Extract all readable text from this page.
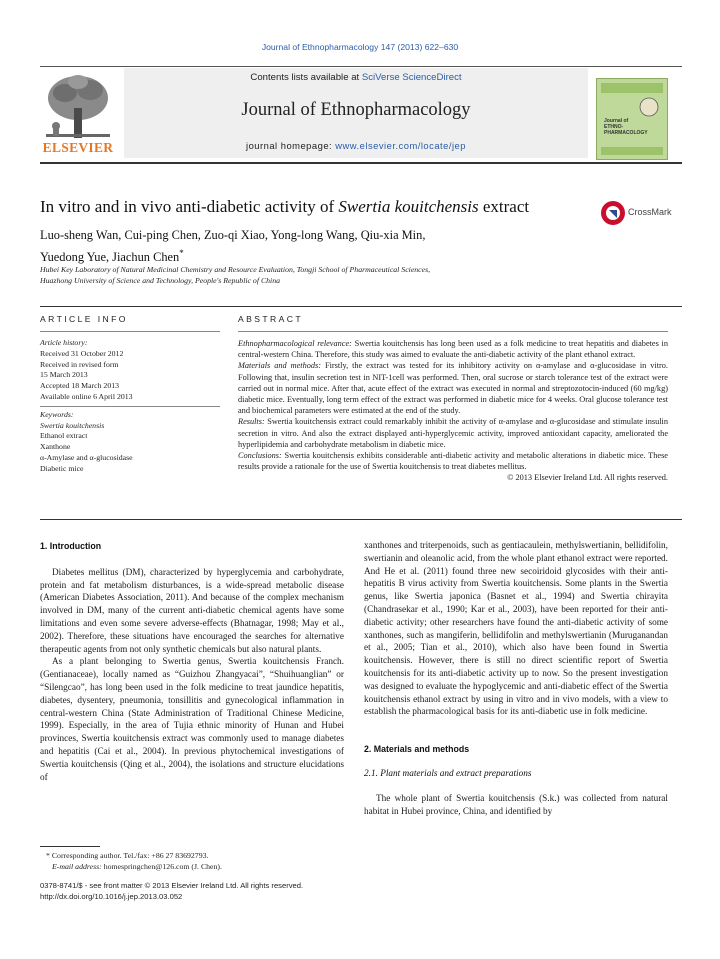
Journal of Ethnopharmacology 147 (2013) 622–630
ELSEVIER
Contents lists available at SciVerse ScienceDirect
Journal of Ethnopharmacology
journal homepage: www.elsevier.com/locate/jep
Journal of ETHNO-PHARMACOLOGY
In vitro and in vivo anti-diabetic activity of Swertia kouitchensis extract	CrossMark
Luo-sheng Wan, Cui-ping Chen, Zuo-qi Xiao, Yong-long Wang, Qiu-xia Min,
Yuedong Yue, Jiachun Chen*
Hubei Key Laboratory of Natural Medicinal Chemistry and Resource Evaluation, Tongji School of Pharmaceutical Sciences,
Huazhong University of Science and Technology, People's Republic of China
ARTICLE INFO	ABSTRACT
Article history:
Received 31 October 2012
Received in revised form
15 March 2013
Accepted 18 March 2013
Available online 6 April 2013
Keywords:
Swertia kouitchensis
Ethanol extract
Xanthone
α-Amylase and α-glucosidase
Diabetic mice

Ethnopharmacological relevance: Swertia kouitchensis has long been used as a folk medicine to treat hepatitis and diabetes in central-western China. Therefore, this study was aimed to evaluate the anti-diabetic activity of the plant ethanol extract.

Materials and methods: Firstly, the extract was tested for its inhibitory activity on α-amylase and α-glucosidase in vitro. Following that, insulin secretion test in NIT-1cell was performed. Then, oral sucrose or starch tolerance test of the extract were carried out in normal mice. After that, acute effect of the extract was executed in normal and streptozotocin-induced (60 mg/kg) diabetic mice. Eventually, long term effect of the extract was performed in diabetic mice for 4 weeks. Oral glucose tolerance test and biochemical parameters were estimated at the end of the study.

Results: Swertia kouitchensis extract could remarkably inhibit the activity of α-amylase and α-glucosidase and stimulate insulin secretion in vitro. And also the extract displayed anti-hyperglycemic activity, improved antioxidant capacity, ameliorated the hyperlipidemia and carbohydrate metabolism in diabetic mice.

Conclusions: Swertia kouitchensis exhibits considerable anti-diabetic activity and metabolic alterations in diabetic mice. These results provide a rationale for the use of Swertia kouitchensis to treat diabetes mellitus.

© 2013 Elsevier Ireland Ltd. All rights reserved.

1. Introduction

Diabetes mellitus (DM), characterized by hyperglycemia and carbohydrate, protein and fat metabolism disturbances, is a wide-spread metabolic disease (American Diabetes Association, 2011). And because of the complex mechanism involved in DM, many of the current anti-diabetic chemical agents have some limitations and even some severe adverse-effects (Bhatnagar, 1998; May et al., 2002). Therefore, these situations have encouraged the searches for alternative therapeutic agents from not only synthetic chemicals but also natural plants.

As a plant belonging to Swertia genus, Swertia kouitchensis Franch. (Gentianaceae), locally named as “Guizhou Zhangyacai”, “Shuihuanglian” or “Silengcao”, has long been used in the folk medicine to treat jaundice hepatitis, diabetes, dysentery, pneumonia, tonsillitis and gynecological inflammation in central-western China (State Administration of Traditional Chinese Medicine, 1999). Especially, in the area of Tujia ethnic minority of Hunan and Hubei provinces, Swertia kouitchensis extract was commonly used to manage diabetes and hepatitis (Cai et al., 2004). In previous phytochemical investigations of Swertia kouitchensis (Qing et al., 2004), the isolations and structure elucidations of

xanthones and triterpenoids, such as gentiacaulein, methylswertianin, bellidifolin, swertianin and oleanolic acid, from the whole plant ethanol extract were reported. And He et al. (2011) found three new secoiridoid glycosides with their anti-hepatitis B virus activity from Swertia kouitchensis. Some plants in the Swertia genus, like Swertia japonica (Basnet et al., 1994) and Swertia chirayita (Chandrasekar et al., 1990; Kar et al., 2003), have been reported for their anti-diabetic activity; other researchers have found the anti-diabetic activity of some xanthones, such as mangiferin, bellidifolin and methylswertianin (Muruganandan et al., 2005; Tian et al., 2010), which also have been found in Swertia kouitchensis. However, there is still no direct scientific report of Swertia kouitchensis for its anti-diabetic activity up to now. So the present investigation was designed to evaluate the hypoglycemic and anti-diabetic effect of the Swertia kouitchensis ethanol extract by using in vitro and in vivo models, with a view to establish the pharmacological basis for its anti-diabetic use in folk medicine.

2. Materials and methods
2.1. Plant materials and extract preparations

The whole plant of Swertia kouitchensis (S.k.) was collected from natural habitat in Hubei province, China, and identified by

* Corresponding author. Tel./fax: +86 27 83692793.
E-mail address: homespringchen@126.com (J. Chen).
0378-8741/$ - see front matter © 2013 Elsevier Ireland Ltd. All rights reserved.
http://dx.doi.org/10.1016/j.jep.2013.03.052
